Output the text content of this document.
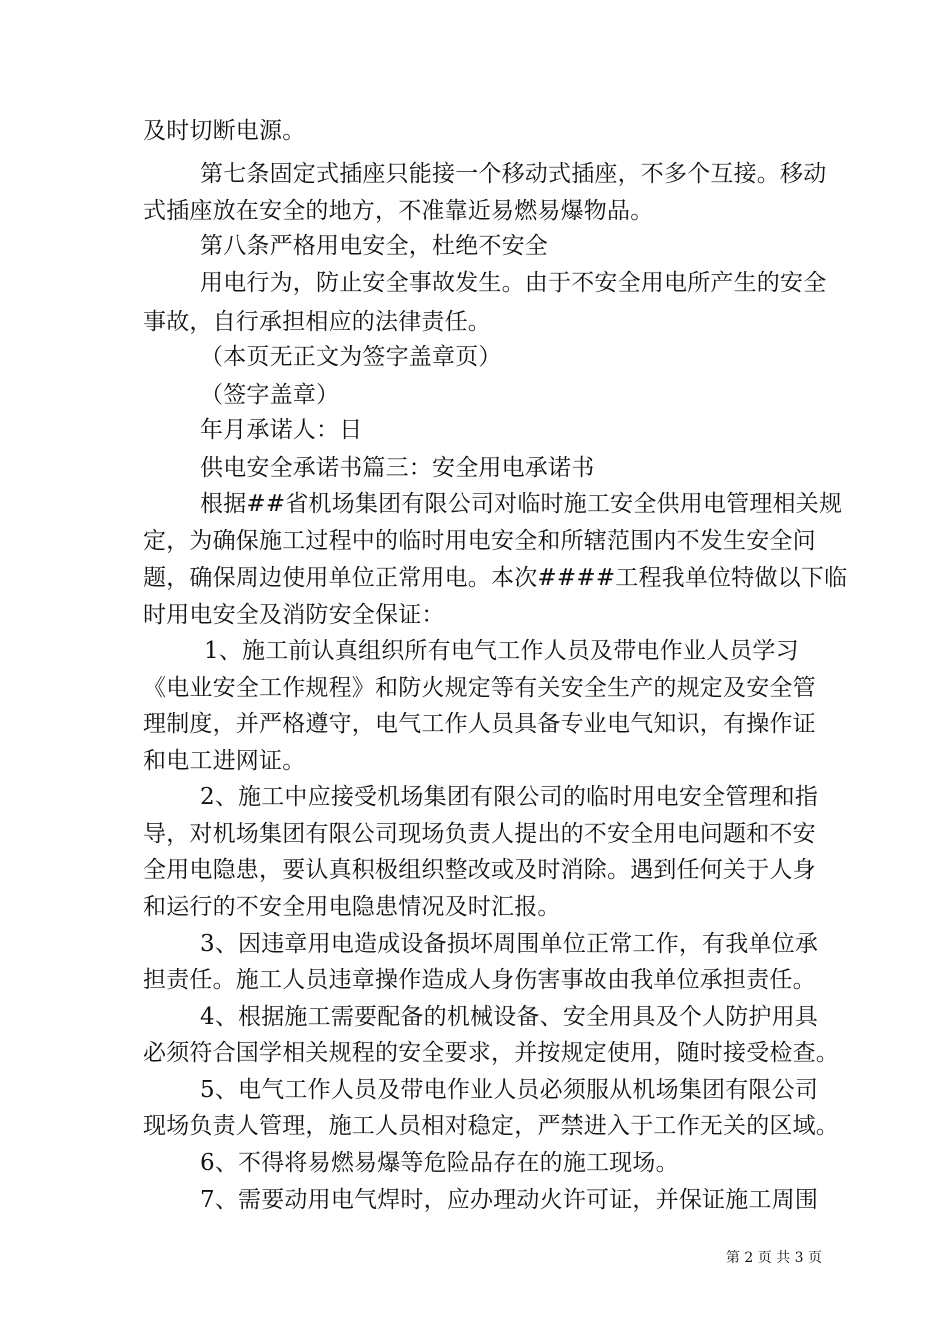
及时切断电源。
第七条固定式插座只能接一个移动式插座，不多个互接。移动
式插座放在安全的地方，不准靠近易燃易爆物品。
第八条严格用电安全，杜绝不安全
用电行为，防止安全事故发生。由于不安全用电所产生的安全
事故，自行承担相应的法律责任。
（本页无正文为签字盖章页）
（签字盖章）
年月承诺人：日
供电安全承诺书篇三：安全用电承诺书
根据##省机场集团有限公司对临时施工安全供用电管理相关规
定，为确保施工过程中的临时用电安全和所辖范围内不发生安全问
题，确保周边使用单位正常用电。本次####工程我单位特做以下临
时用电安全及消防安全保证：
1、施工前认真组织所有电气工作人员及带电作业人员学习
《电业安全工作规程》和防火规定等有关安全生产的规定及安全管
理制度，并严格遵守，电气工作人员具备专业电气知识，有操作证
和电工进网证。
2、施工中应接受机场集团有限公司的临时用电安全管理和指
导，对机场集团有限公司现场负责人提出的不安全用电问题和不安
全用电隐患，要认真积极组织整改或及时消除。遇到任何关于人身
和运行的不安全用电隐患情况及时汇报。
3、因违章用电造成设备损坏周围单位正常工作，有我单位承
担责任。施工人员违章操作造成人身伤害事故由我单位承担责任。
4、根据施工需要配备的机械设备、安全用具及个人防护用具
必须符合国学相关规程的安全要求，并按规定使用，随时接受检查。
5、电气工作人员及带电作业人员必须服从机场集团有限公司
现场负责人管理，施工人员相对稳定，严禁进入于工作无关的区域。
6、不得将易燃易爆等危险品存在的施工现场。
7、需要动用电气焊时，应办理动火许可证，并保证施工周围
第 2 页 共 3 页
